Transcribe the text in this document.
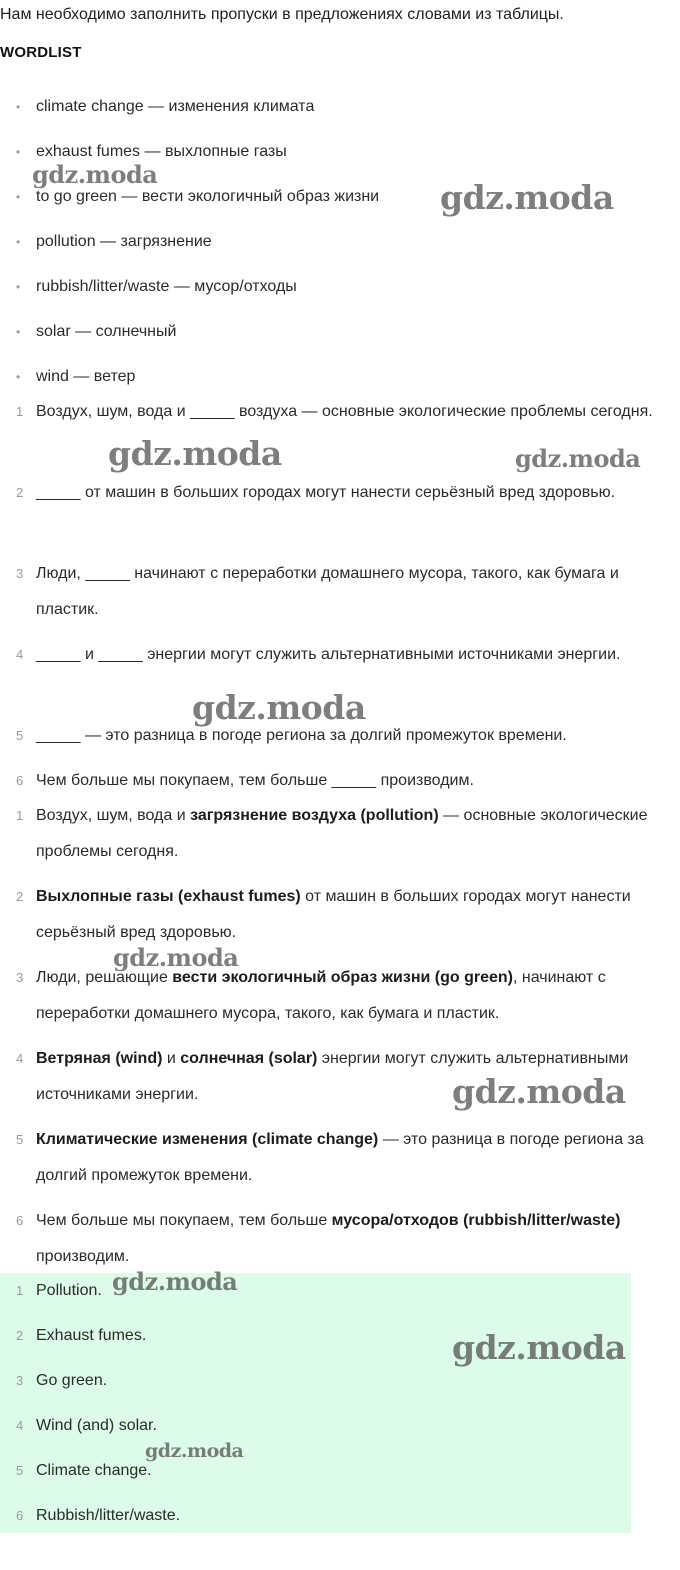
Нам необходимо заполнить пропуски в предложениях словами из таблицы.
WORDLIST
• climate change — изменения климата
• exhaust fumes — выхлопные газы
• to go green — вести экологичный образ жизни
• pollution — загрязнение
• rubbish/litter/waste — мусор/отходы
• solar — солнечный
• wind — ветер
1 Воздух, шум, вода и _____ воздуха — основные экологические проблемы сегодня.
2 _____ от машин в больших городах могут нанести серьёзный вред здоровью.
3 Люди, _____ начинают с переработки домашнего мусора, такого, как бумага и пластик.
4 _____ и _____ энергии могут служить альтернативными источниками энергии.
5 _____ — это разница в погоде региона за долгий промежуток времени.
6 Чем больше мы покупаем, тем больше _____ производим.
1 Воздух, шум, вода и загрязнение воздуха (pollution) — основные экологические проблемы сегодня.
2 Выхлопные газы (exhaust fumes) от машин в больших городах могут нанести серьёзный вред здоровью.
3 Люди, решающие вести экологичный образ жизни (go green), начинают с переработки домашнего мусора, такого, как бумага и пластик.
4 Ветряная (wind) и солнечная (solar) энергии могут служить альтернативными источниками энергии.
5 Климатические изменения (climate change) — это разница в погоде региона за долгий промежуток времени.
6 Чем больше мы покупаем, тем больше мусора/отходов (rubbish/litter/waste) производим.
1 Pollution.
2 Exhaust fumes.
3 Go green.
4 Wind (and) solar.
5 Climate change.
6 Rubbish/litter/waste.
gdz.moda
gdz.moda
gdz.moda	gdz.moda
gdz.moda
gdz.moda
gdz.moda
gdz.moda
gdz.moda
gdz.moda
